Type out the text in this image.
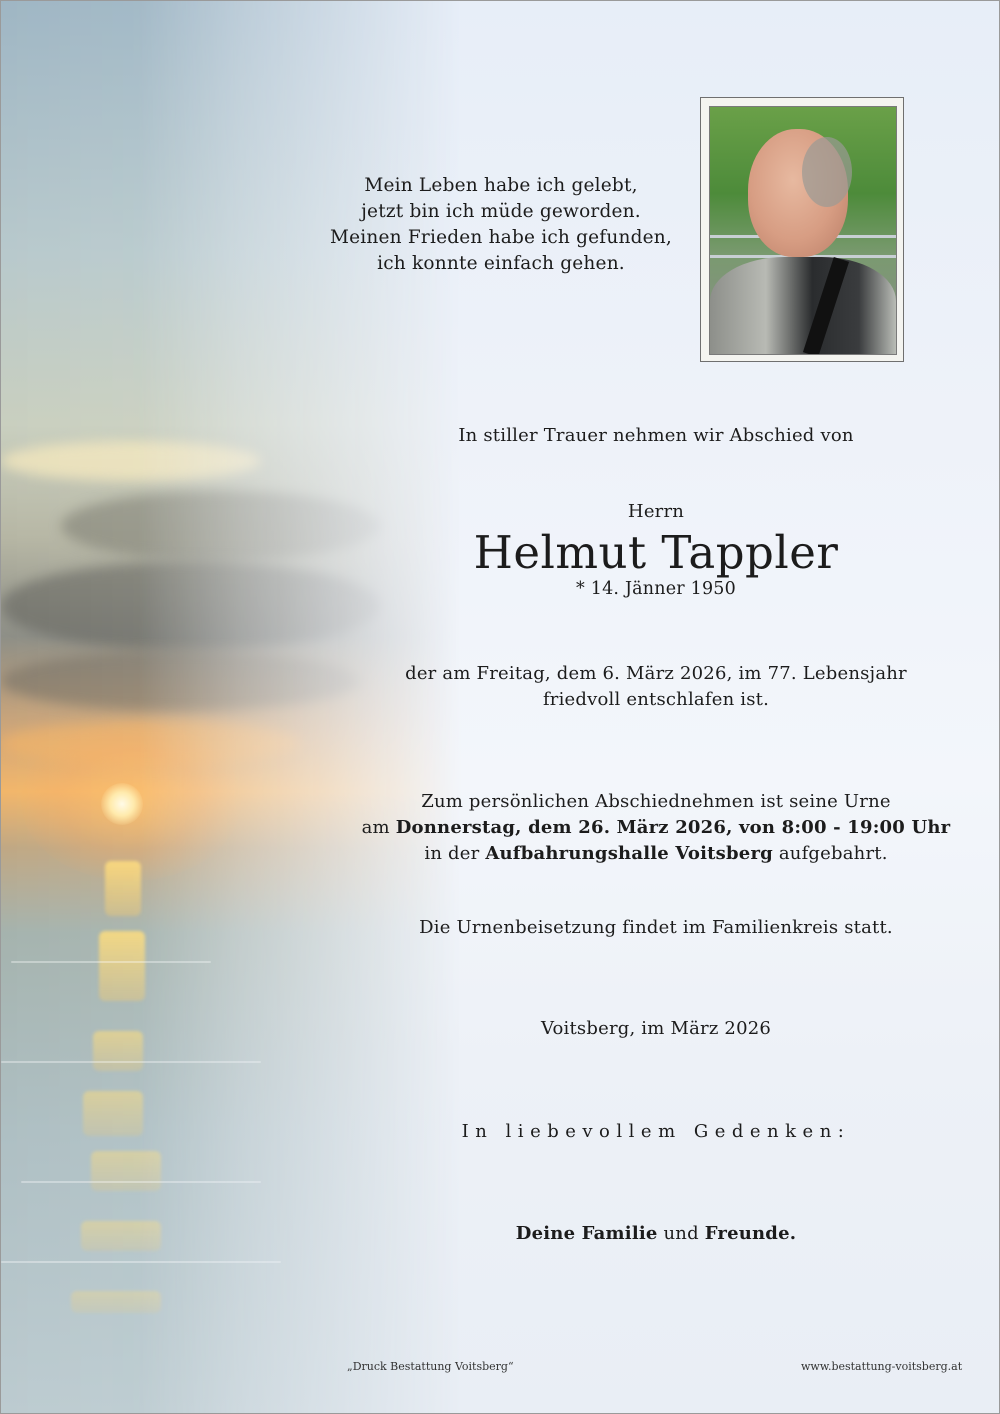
Mein Leben habe ich gelebt,
jetzt bin ich müde geworden.
Meinen Frieden habe ich gefunden,
ich konnte einfach gehen.
In stiller Trauer nehmen wir Abschied von
Herrn
Helmut Tappler
* 14. Jänner 1950
der am Freitag, dem 6. März 2026, im 77. Lebensjahr
friedvoll entschlafen ist.
Zum persönlichen Abschiednehmen ist seine Urne
am Donnerstag, dem 26. März 2026, von 8:00 - 19:00 Uhr
in der Aufbahrungshalle Voitsberg aufgebahrt.
Die Urnenbeisetzung findet im Familienkreis statt.
Voitsberg, im März 2026
In liebevollem Gedenken:
Deine Familie und Freunde.
„Druck Bestattung Voitsberg“	www.bestattung-voitsberg.at
